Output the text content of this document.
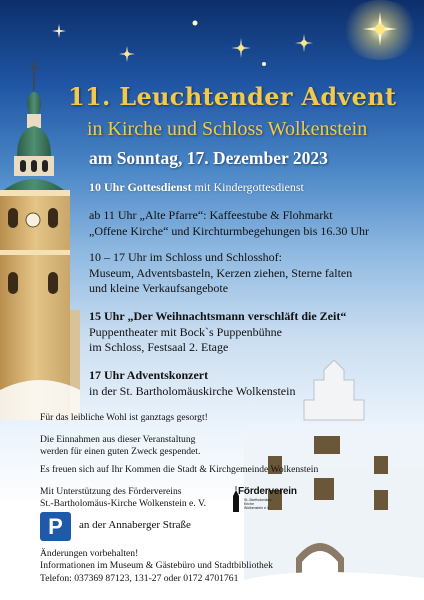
11. Leuchtender Advent
in Kirche und Schloss Wolkenstein
am Sonntag, 17. Dezember 2023
10 Uhr Gottesdienst mit Kindergottesdienst
ab 11 Uhr „Alte Pfarre“: Kaffeestube & Flohmarkt
„Offene Kirche“ und Kirchturmbegehungen bis 16.30 Uhr
10 – 17 Uhr im Schloss und Schlosshof:
Museum, Adventsbasteln, Kerzen ziehen, Sterne falten
und kleine Verkaufsangebote
15 Uhr „Der Weihnachtsmann verschläft die Zeit“
Puppentheater mit Bock`s Puppenbühne
im Schloss, Festsaal 2. Etage
17 Uhr Adventskonzert
in der St. Bartholomäuskirche Wolkenstein
Für das leibliche Wohl ist ganztags gesorgt!
Die Einnahmen aus dieser Veranstaltung
werden für einen guten Zweck gespendet.
Es freuen sich auf Ihr Kommen die Stadt & Kirchgemeinde Wolkenstein
Mit Unterstützung des Fördervereins
St.-Bartholomäus-Kirche Wolkenstein e. V.
Förderverein
St.-Bartholomäus-
Kirche
Wolkenstein e.V.
P	an der Annaberger Straße
Änderungen vorbehalten!
Informationen im Museum & Gästebüro und Stadtbibliothek
Telefon: 037369 87123, 131-27 oder 0172 4701761
